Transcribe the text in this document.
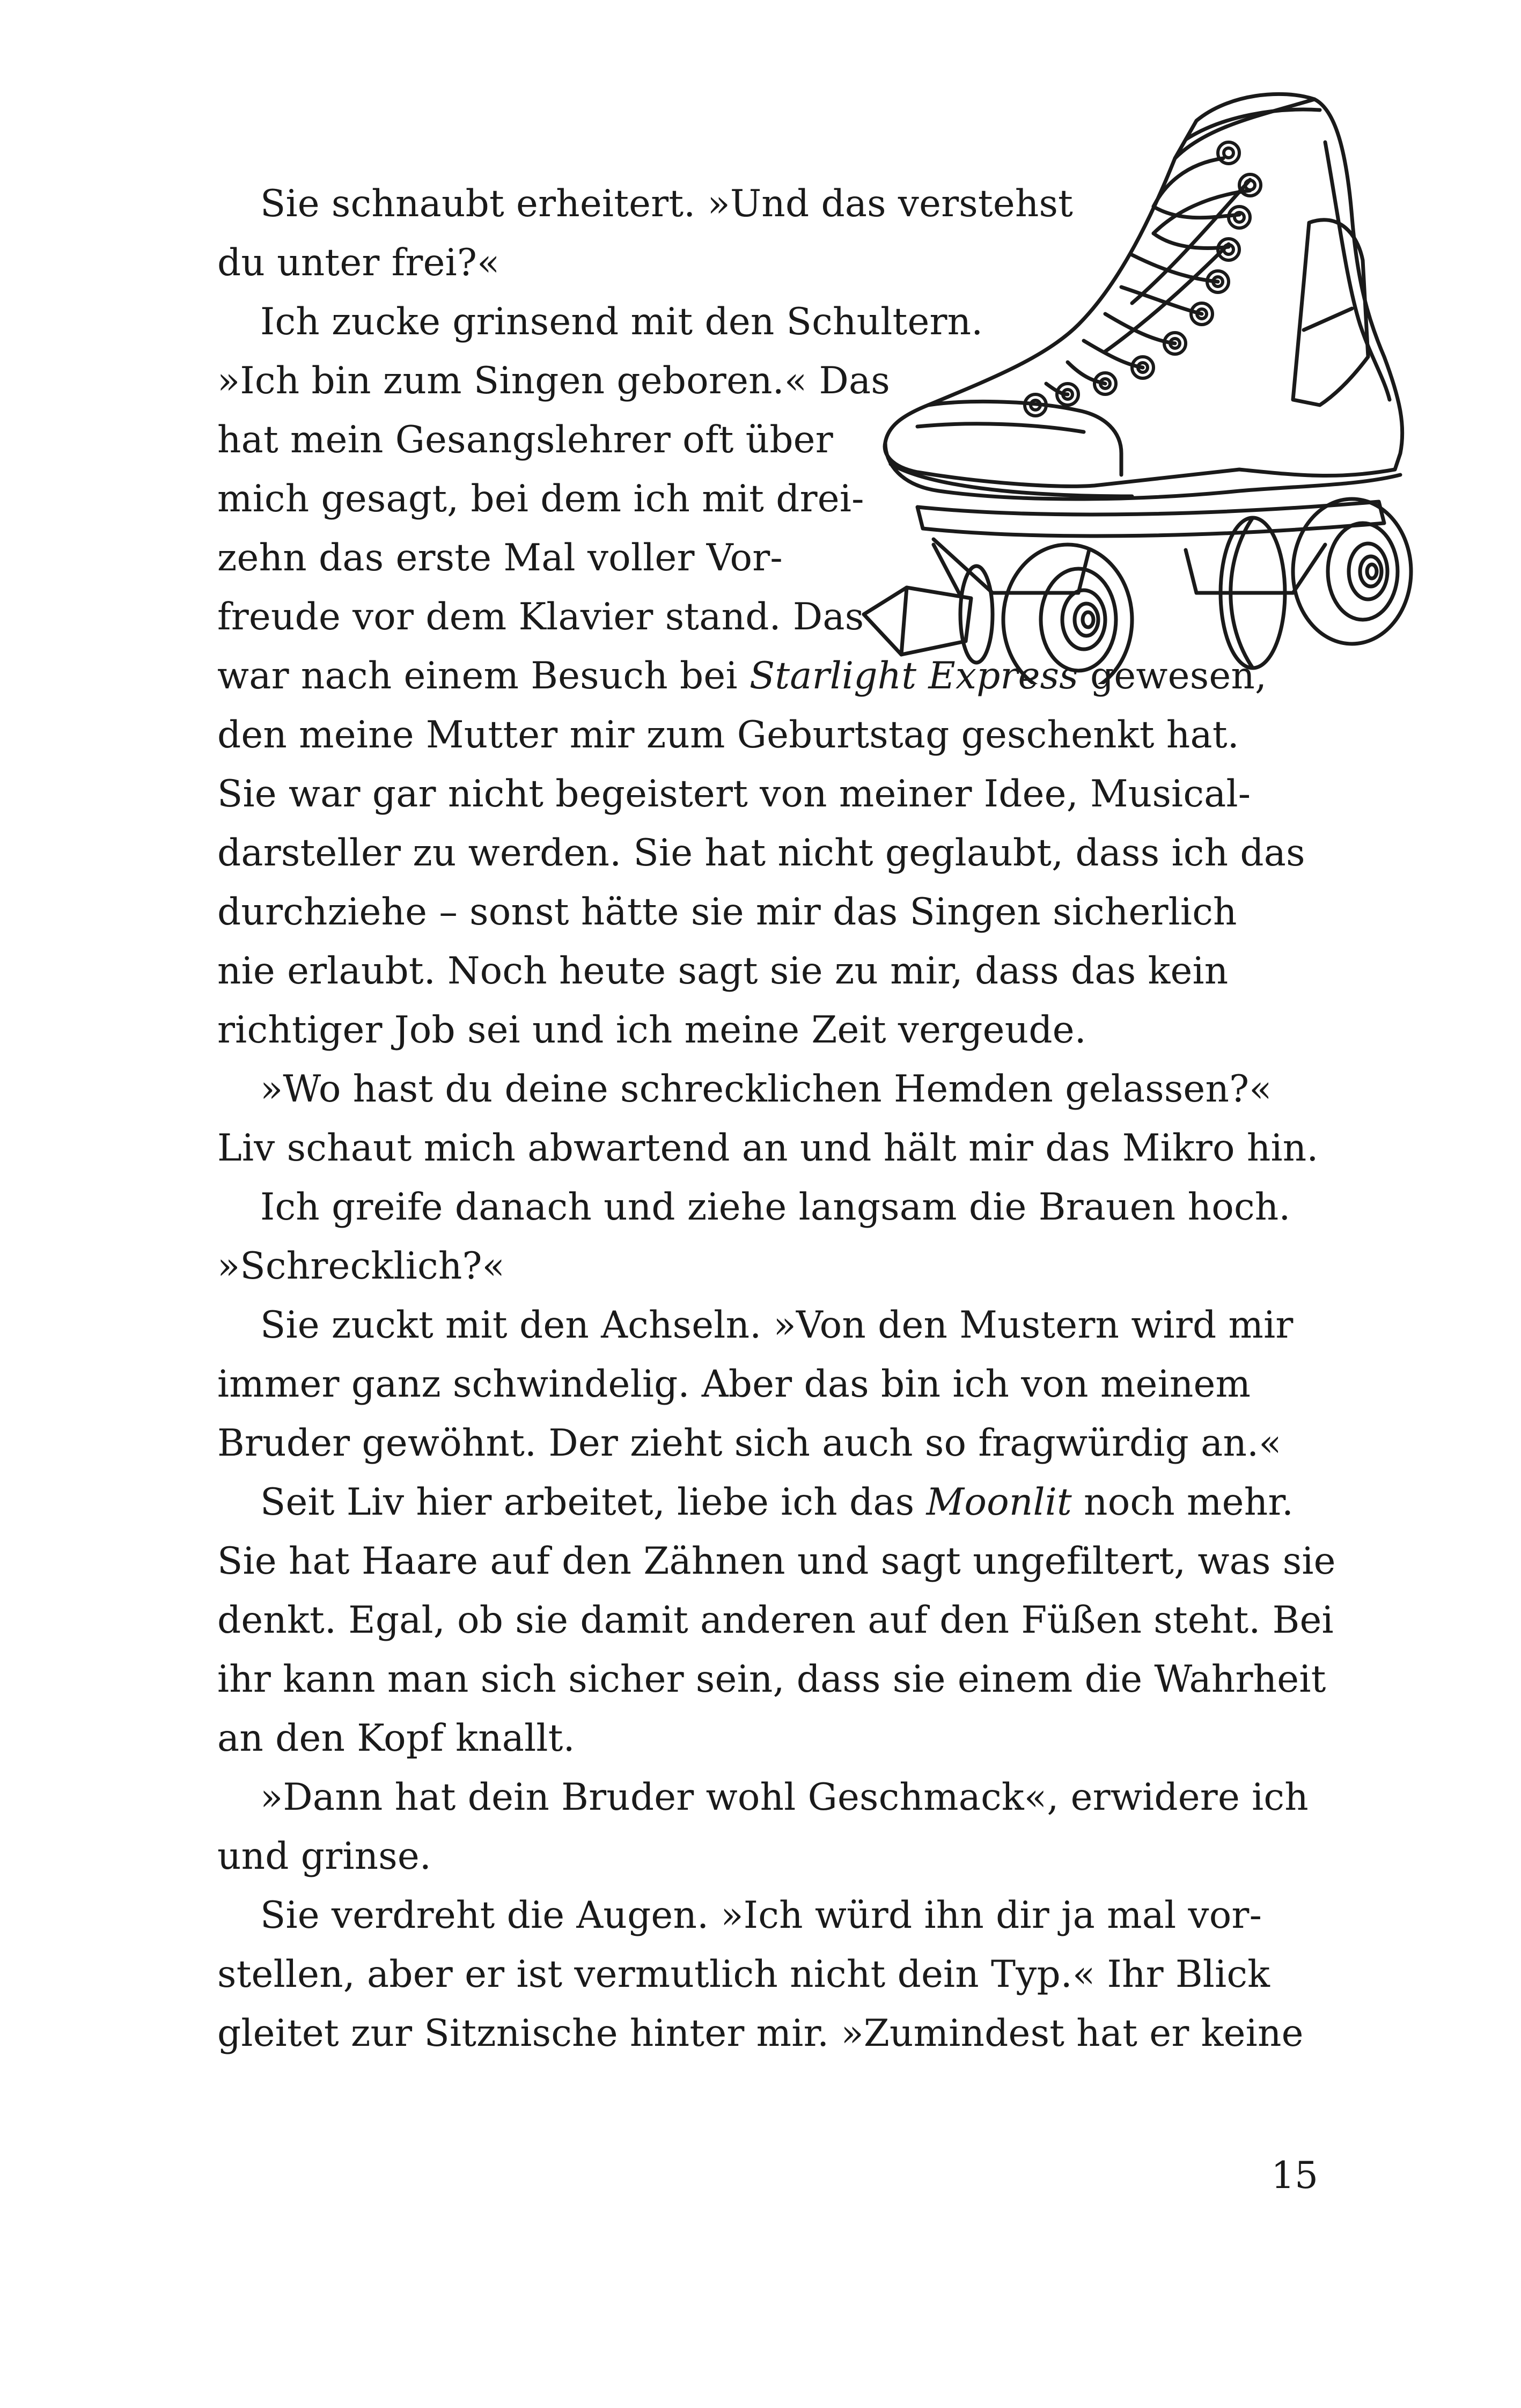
Sie schnaubt erheitert. »Und das verstehst
du unter frei?«
Ich zucke grinsend mit den Schultern.
»Ich bin zum Singen geboren.« Das
hat mein Gesangslehrer oft über
mich gesagt, bei dem ich mit drei-
zehn das erste Mal voller Vor-
freude vor dem Klavier stand. Das
war nach einem Besuch bei Starlight Express gewesen,
den meine Mutter mir zum Geburtstag geschenkt hat.
Sie war gar nicht begeistert von meiner Idee, Musical-
darsteller zu werden. Sie hat nicht geglaubt, dass ich das
durchziehe – sonst hätte sie mir das Singen sicherlich
nie erlaubt. Noch heute sagt sie zu mir, dass das kein
richtiger Job sei und ich meine Zeit vergeude.
»Wo hast du deine schrecklichen Hemden gelassen?«
Liv schaut mich abwartend an und hält mir das Mikro hin.
Ich greife danach und ziehe langsam die Brauen hoch.
»Schrecklich?«
Sie zuckt mit den Achseln. »Von den Mustern wird mir
immer ganz schwindelig. Aber das bin ich von meinem
Bruder gewöhnt. Der zieht sich auch so fragwürdig an.«
Seit Liv hier arbeitet, liebe ich das Moonlit noch mehr.
Sie hat Haare auf den Zähnen und sagt ungefiltert, was sie
denkt. Egal, ob sie damit anderen auf den Füßen steht. Bei
ihr kann man sich sicher sein, dass sie einem die Wahrheit
an den Kopf knallt.
»Dann hat dein Bruder wohl Geschmack«, erwidere ich
und grinse.
Sie verdreht die Augen. »Ich würd ihn dir ja mal vor-
stellen, aber er ist vermutlich nicht dein Typ.« Ihr Blick
gleitet zur Sitznische hinter mir. »Zumindest hat er keine
15
